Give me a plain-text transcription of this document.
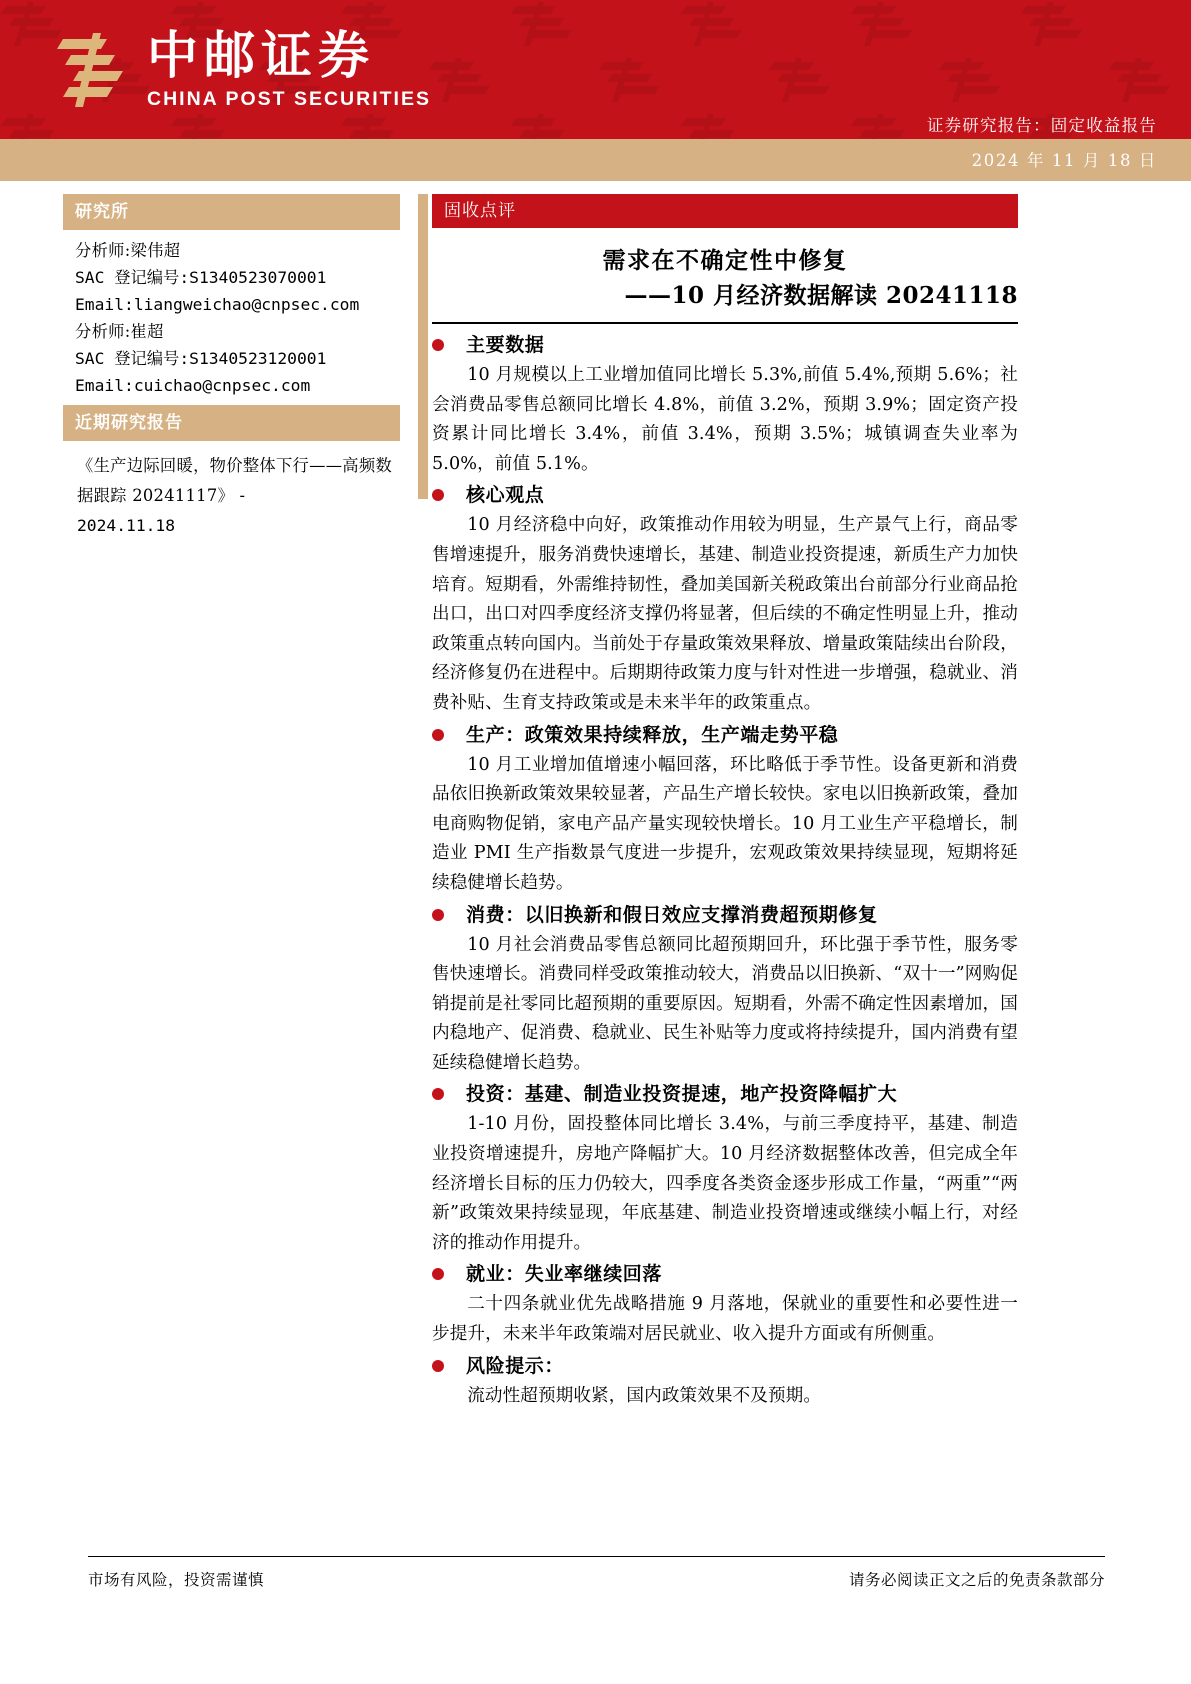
中邮证券
CHINA POST SECURITIES
证券研究报告：固定收益报告
2024 年 11 月 18 日
研究所
分析师:梁伟超
SAC 登记编号:S1340523070001
Email:liangweichao@cnpsec.com
分析师:崔超
SAC 登记编号:S1340523120001
Email:cuichao@cnpsec.com
近期研究报告
《生产边际回暖，物价整体下行——高频数据跟踪 20241117》 -
2024.11.18
固收点评
需求在不确定性中修复
——10 月经济数据解读 20241118
主要数据

10 月规模以上工业增加值同比增长 5.3%,前值 5.4%,预期 5.6%；社会消费品零售总额同比增长 4.8%，前值 3.2%，预期 3.9%；固定资产投资累计同比增长 3.4%，前值 3.4%，预期 3.5%；城镇调查失业率为 5.0%，前值 5.1%。

核心观点

10 月经济稳中向好，政策推动作用较为明显，生产景气上行，商品零售增速提升，服务消费快速增长，基建、制造业投资提速，新质生产力加快培育。短期看，外需维持韧性，叠加美国新关税政策出台前部分行业商品抢出口，出口对四季度经济支撑仍将显著，但后续的不确定性明显上升，推动政策重点转向国内。当前处于存量政策效果释放、增量政策陆续出台阶段，经济修复仍在进程中。后期期待政策力度与针对性进一步增强，稳就业、消费补贴、生育支持政策或是未来半年的政策重点。

生产：政策效果持续释放，生产端走势平稳

10 月工业增加值增速小幅回落，环比略低于季节性。设备更新和消费品依旧换新政策效果较显著，产品生产增长较快。家电以旧换新政策，叠加电商购物促销，家电产品产量实现较快增长。10 月工业生产平稳增长，制造业 PMI 生产指数景气度进一步提升，宏观政策效果持续显现，短期将延续稳健增长趋势。

消费：以旧换新和假日效应支撑消费超预期修复

10 月社会消费品零售总额同比超预期回升，环比强于季节性，服务零售快速增长。消费同样受政策推动较大，消费品以旧换新、“双十一”网购促销提前是社零同比超预期的重要原因。短期看，外需不确定性因素增加，国内稳地产、促消费、稳就业、民生补贴等力度或将持续提升，国内消费有望延续稳健增长趋势。

投资：基建、制造业投资提速，地产投资降幅扩大

1-10 月份，固投整体同比增长 3.4%，与前三季度持平，基建、制造业投资增速提升，房地产降幅扩大。10 月经济数据整体改善，但完成全年经济增长目标的压力仍较大，四季度各类资金逐步形成工作量，“两重”“两新”政策效果持续显现，年底基建、制造业投资增速或继续小幅上行，对经济的推动作用提升。

就业：失业率继续回落

二十四条就业优先战略措施 9 月落地，保就业的重要性和必要性进一步提升，未来半年政策端对居民就业、收入提升方面或有所侧重。

风险提示：

流动性超预期收紧，国内政策效果不及预期。

市场有风险，投资需谨慎	请务必阅读正文之后的免责条款部分
